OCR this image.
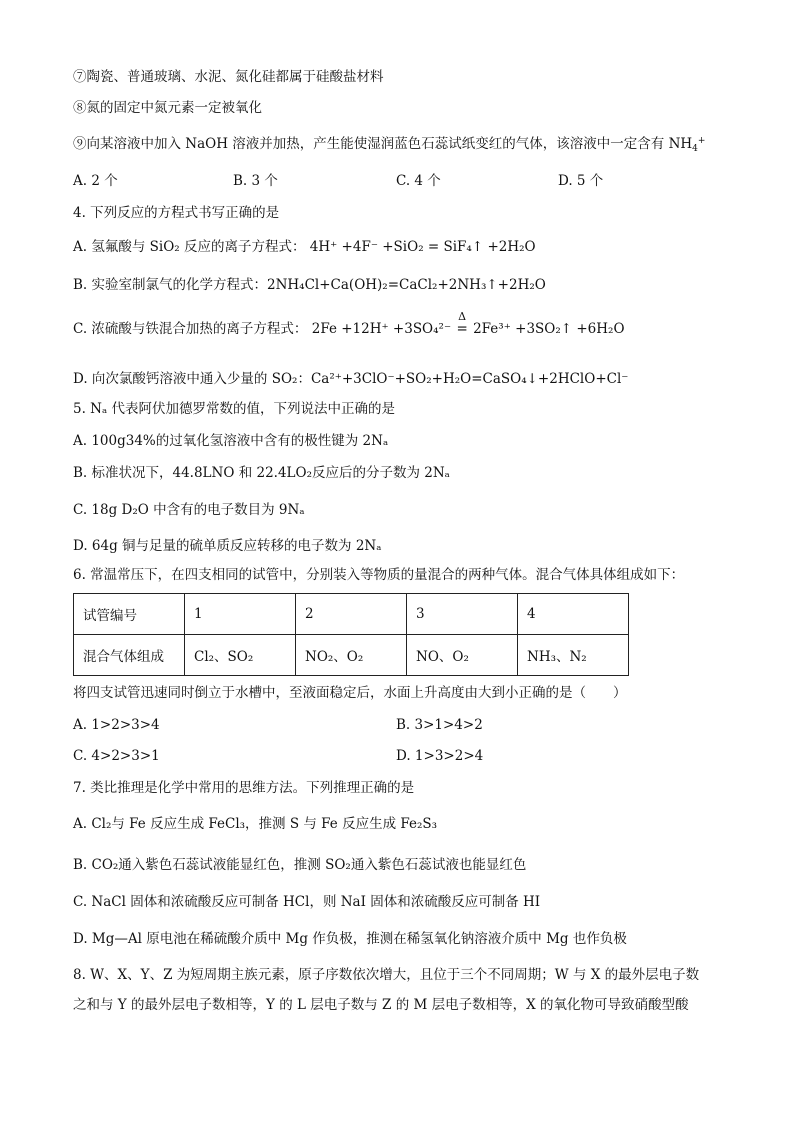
⑦陶瓷、普通玻璃、水泥、氮化硅都属于硅酸盐材料
⑧氮的固定中氮元素一定被氧化
⑨向某溶液中加入 NaOH 溶液并加热，产生能使湿润蓝色石蕊试纸变红的气体，该溶液中一定含有 $NH_4^+$
A. 2 个	B. 3 个	C. 4 个	D. 5 个
4. 下列反应的方程式书写正确的是
A. 氢氟酸与 SiO₂ 反应的离子方程式： 4H⁺ +4F⁻ +SiO₂ = SiF₄↑ +2H₂O
B. 实验室制氯气的化学方程式：2NH₄Cl+Ca(OH)₂=CaCl₂+2NH₃↑+2H₂O
C. 浓硫酸与铁混合加热的离子方程式： 2Fe +12H⁺ +3SO₄²⁻
Δ
= 2Fe³⁺ +3SO₂↑ +6H₂O
D. 向次氯酸钙溶液中通入少量的 SO₂：Ca²⁺+3ClO⁻+SO₂+H₂O=CaSO₄↓+2HClO+Cl⁻
5. Nₐ 代表阿伏加德罗常数的值，下列说法中正确的是
A. 100g34%的过氧化氢溶液中含有的极性键为 2Nₐ
B. 标准状况下，44.8LNO 和 22.4LO₂反应后的分子数为 2Nₐ
C. 18g D₂O 中含有的电子数目为 9Nₐ
D. 64g 铜与足量的硫单质反应转移的电子数为 2Nₐ
6. 常温常压下，在四支相同的试管中，分别装入等物质的量混合的两种气体。混合气体具体组成如下：
试管编号	1	2	3	4
混合气体组成	Cl₂、SO₂	NO₂、O₂	NO、O₂	NH₃、N₂
将四支试管迅速同时倒立于水槽中，至液面稳定后，水面上升高度由大到小正确的是（　　）
A. 1>2>3>4	B. 3>1>4>2
C. 4>2>3>1	D. 1>3>2>4
7. 类比推理是化学中常用的思维方法。下列推理正确的是
A. Cl₂与 Fe 反应生成 FeCl₃，推测 S 与 Fe 反应生成 Fe₂S₃
B. CO₂通入紫色石蕊试液能显红色，推测 SO₂通入紫色石蕊试液也能显红色
C. NaCl 固体和浓硫酸反应可制备 HCl，则 NaI 固体和浓硫酸反应可制备 HI
D. Mg—Al 原电池在稀硫酸介质中 Mg 作负极，推测在稀氢氧化钠溶液介质中 Mg 也作负极
8. W、X、Y、Z 为短周期主族元素，原子序数依次增大，且位于三个不同周期；W 与 X 的最外层电子数
之和与 Y 的最外层电子数相等，Y 的 L 层电子数与 Z 的 M 层电子数相等，X 的氧化物可导致硝酸型酸
